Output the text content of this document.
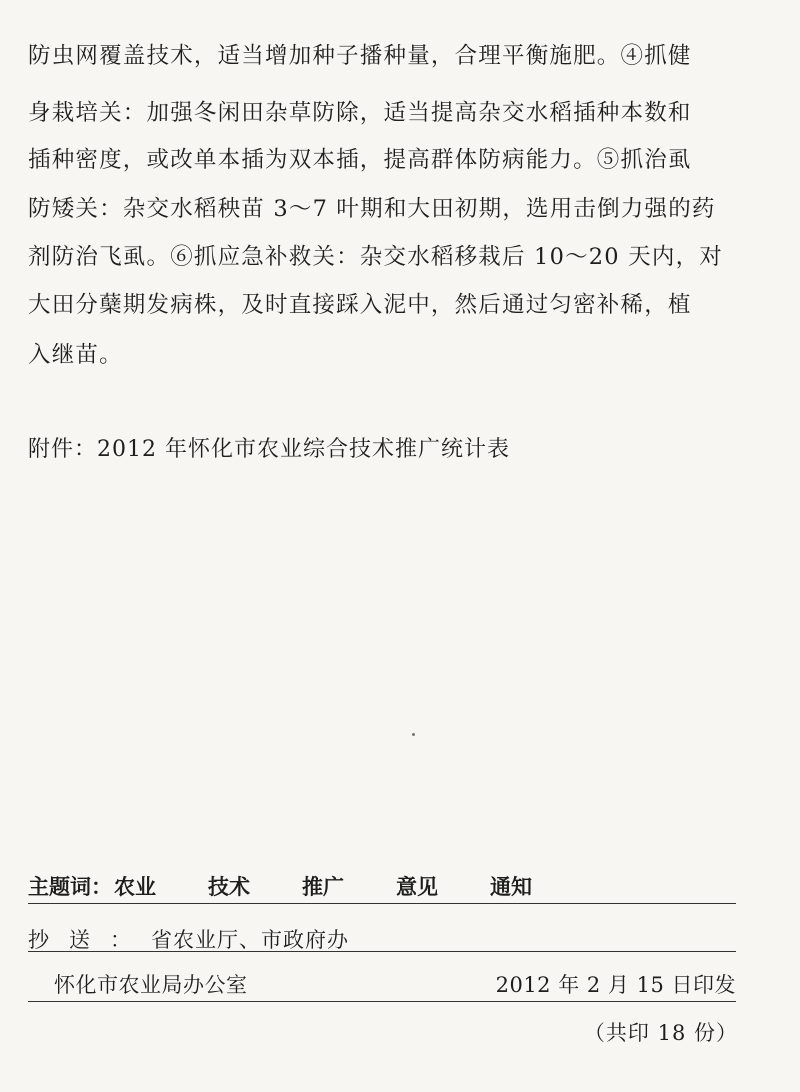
防虫网覆盖技术，适当增加种子播种量，合理平衡施肥。④抓健
身栽培关：加强冬闲田杂草防除，适当提高杂交水稻插种本数和
插种密度，或改单本插为双本插，提高群体防病能力。⑤抓治虱
防矮关：杂交水稻秧苗 3～7 叶期和大田初期，选用击倒力强的药
剂防治飞虱。⑥抓应急补救关：杂交水稻移栽后 10～20 天内，对
大田分蘖期发病株，及时直接踩入泥中，然后通过匀密补稀，植
入继苗。
附件：2012 年怀化市农业综合技术推广统计表
主题词：农业 技术 推广 意见 通知
抄送：省农业厅、市政府办
怀化市农业局办公室	2012 年 2 月 15 日印发
（共印 18 份）
